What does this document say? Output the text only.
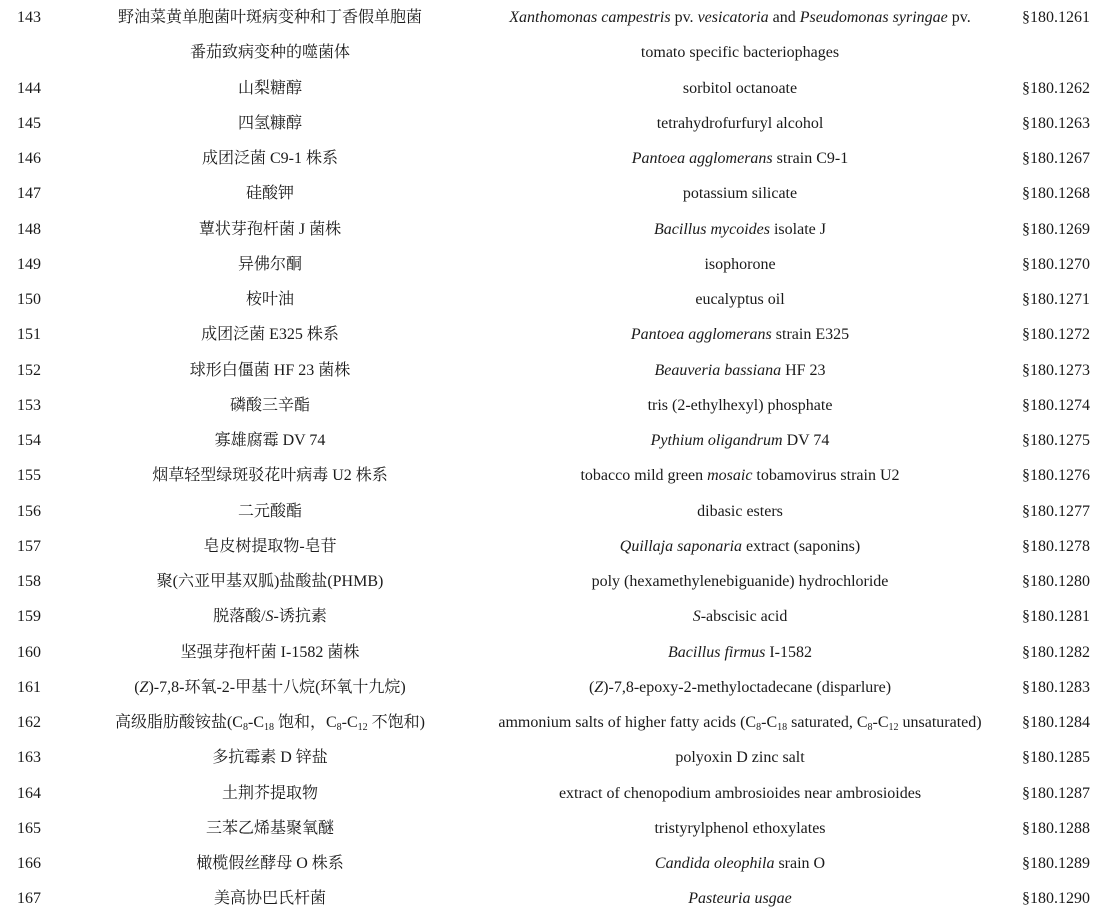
143	野油菜黄单胞菌叶斑病变种和丁香假单胞菌	Xanthomonas campestris pv. vesicatoria and Pseudomonas syringae pv.	§180.1261
番茄致病变种的噬菌体	tomato specific bacteriophages
144	山梨糖醇	sorbitol octanoate	§180.1262
145	四氢糠醇	tetrahydrofurfuryl alcohol	§180.1263
146	成团泛菌 C9-1 株系	Pantoea agglomerans strain C9-1	§180.1267
147	硅酸钾	potassium silicate	§180.1268
148	蕈状芽孢杆菌 J 菌株	Bacillus mycoides isolate J	§180.1269
149	异佛尔酮	isophorone	§180.1270
150	桉叶油	eucalyptus oil	§180.1271
151	成团泛菌 E325 株系	Pantoea agglomerans strain E325	§180.1272
152	球形白僵菌 HF 23 菌株	Beauveria bassiana HF 23	§180.1273
153	磷酸三辛酯	tris (2-ethylhexyl) phosphate	§180.1274
154	寡雄腐霉 DV 74	Pythium oligandrum DV 74	§180.1275
155	烟草轻型绿斑驳花叶病毒 U2 株系	tobacco mild green mosaic tobamovirus strain U2	§180.1276
156	二元酸酯	dibasic esters	§180.1277
157	皂皮树提取物-皂苷	Quillaja saponaria extract (saponins)	§180.1278
158	聚(六亚甲基双胍)盐酸盐(PHMB)	poly (hexamethylenebiguanide) hydrochloride	§180.1280
159	脱落酸/S-诱抗素	S-abscisic acid	§180.1281
160	坚强芽孢杆菌 I-1582 菌株	Bacillus firmus I-1582	§180.1282
161	(Z)-7,8-环氧-2-甲基十八烷(环氧十九烷)	(Z)-7,8-epoxy-2-methyloctadecane (disparlure)	§180.1283
162	高级脂肪酸铵盐($C_8-C_{18}$ 饱和，$C_8-C_{12}$ 不饱和)	ammonium salts of higher fatty acids ($C_8-C_{18}$ saturated, $C_8-C_{12}$ unsaturated)	§180.1284
163	多抗霉素 D 锌盐	polyoxin D zinc salt	§180.1285
164	土荆芥提取物	extract of chenopodium ambrosioides near ambrosioides	§180.1287
165	三苯乙烯基聚氧醚	tristyrylphenol ethoxylates	§180.1288
166	橄榄假丝酵母 O 株系	Candida oleophila srain O	§180.1289
167	美高协巴氏杆菌	Pasteuria usgae	§180.1290
